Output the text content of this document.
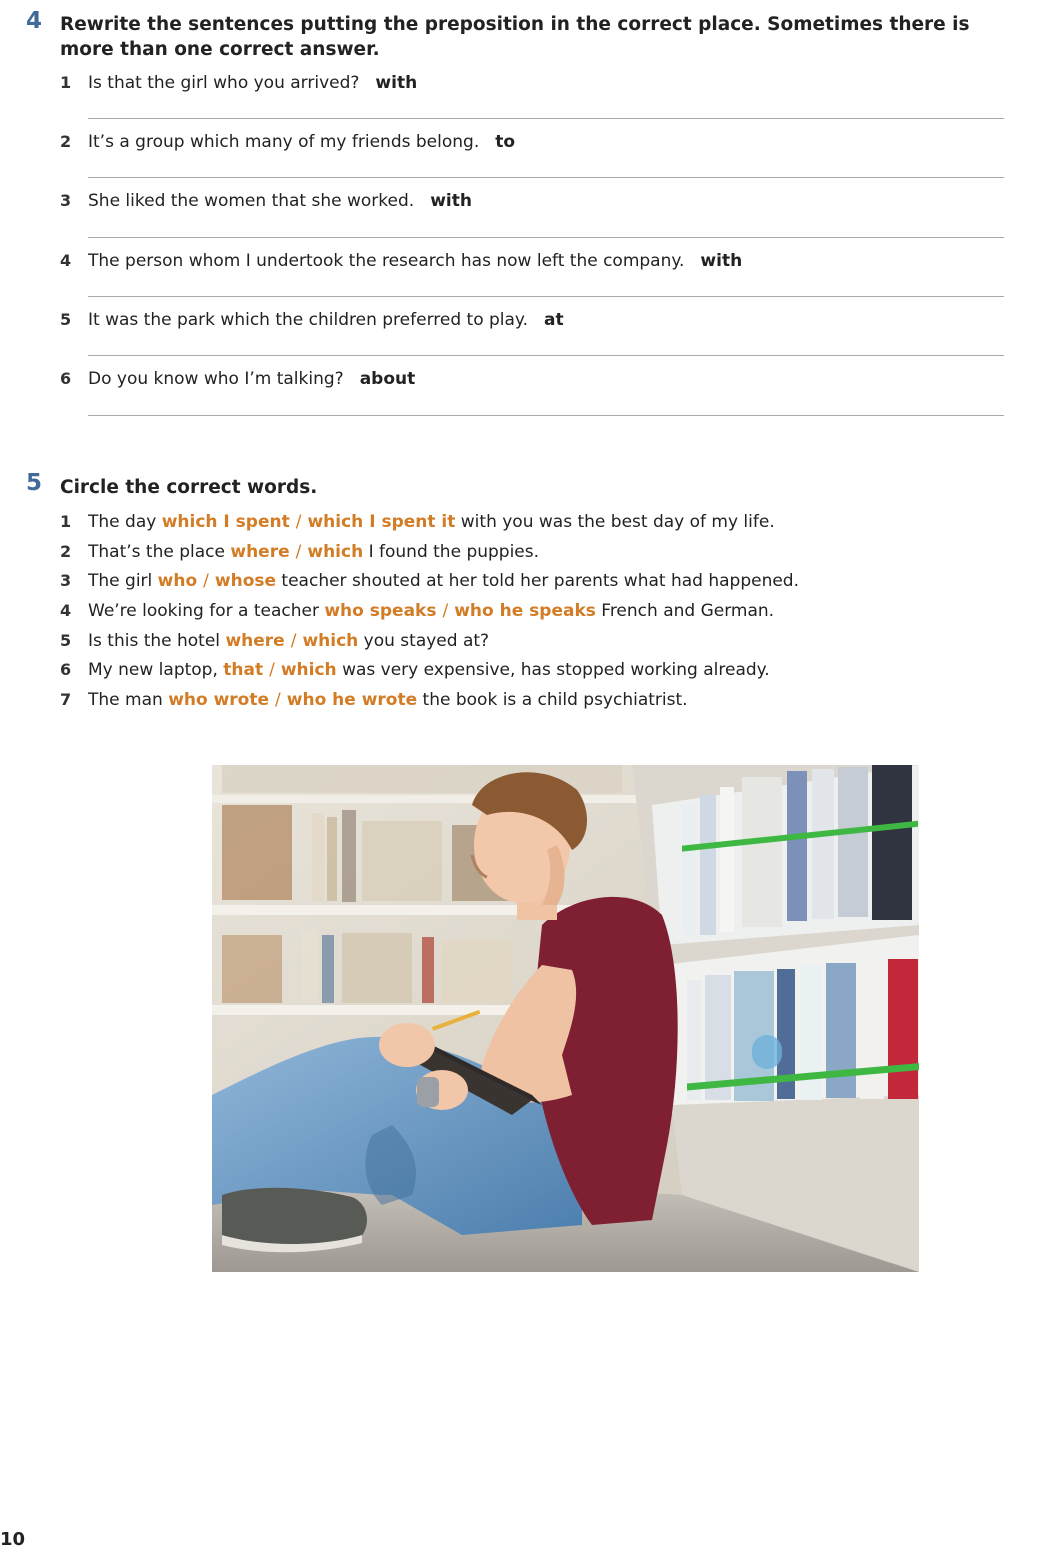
4 Rewrite the sentences putting the preposition in the correct place. Sometimes there is more than one correct answer.
1 Is that the girl who you arrived? with
2 It’s a group which many of my friends belong. to
3 She liked the women that she worked. with
4 The person whom I undertook the research has now left the company. with
5 It was the park which the children preferred to play. at
6 Do you know who I’m talking? about
5 Circle the correct words.
1 The day which I spent / which I spent it with you was the best day of my life.
2 That’s the place where / which I found the puppies.
3 The girl who / whose teacher shouted at her told her parents what had happened.
4 We’re looking for a teacher who speaks / who he speaks French and German.
5 Is this the hotel where / which you stayed at?
6 My new laptop, that / which was very expensive, has stopped working already.
7 The man who wrote / who he wrote the book is a child psychiatrist.
10
